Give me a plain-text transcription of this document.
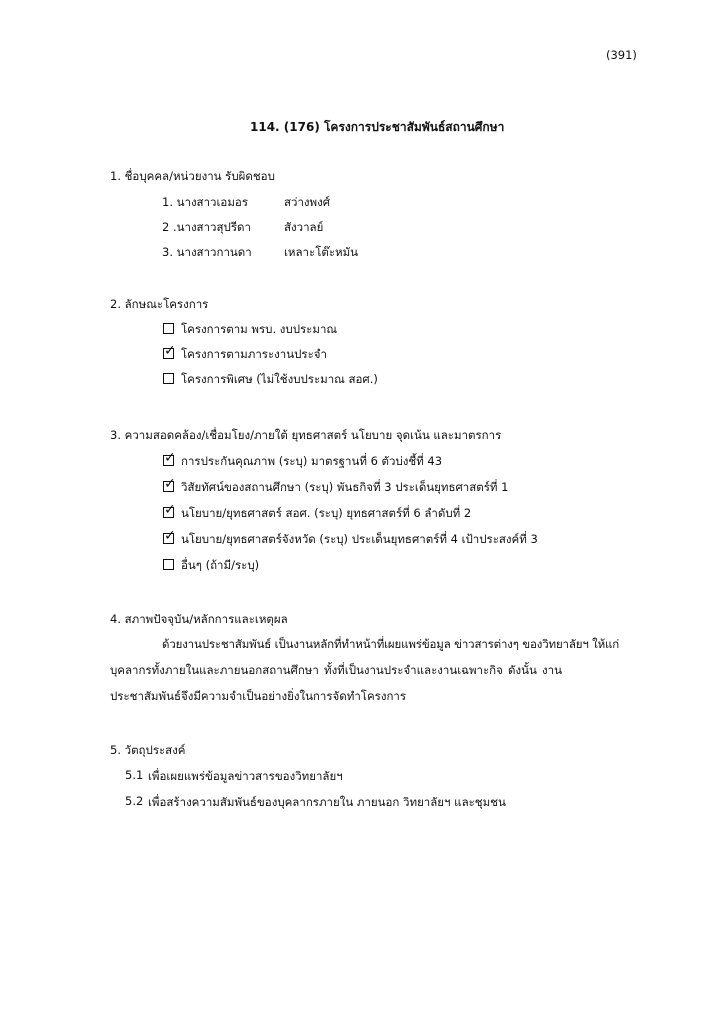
(391)
114. (176) โครงการประชาสัมพันธ์สถานศึกษา
1. ชื่อบุคคล/หน่วยงาน รับผิดชอบ
1. นางสาวเอมอร	สว่างพงศ์
2 .นางสาวสุปรีดา	สังวาลย์
3. นางสาวกานดา	เหลาะโต๊ะหมัน
2. ลักษณะโครงการ
โครงการตาม พรบ. งบประมาณ
✓ โครงการตามภาระงานประจำ
โครงการพิเศษ (ไม่ใช้งบประมาณ สอศ.)
3. ความสอดคล้อง/เชื่อมโยง/ภายใต้ ยุทธศาสตร์ นโยบาย จุดเน้น และมาตรการ
✓ การประกันคุณภาพ (ระบุ) มาตรฐานที่ 6 ตัวบ่งชี้ที่ 43
✓ วิสัยทัศน์ของสถานศึกษา (ระบุ) พันธกิจที่ 3 ประเด็นยุทธศาสตร์ที่ 1
✓ นโยบาย/ยุทธศาสตร์ สอศ. (ระบุ) ยุทธศาสตร์ที่ 6 ลำดับที่ 2
✓ นโยบาย/ยุทธศาสตร์จังหวัด (ระบุ) ประเด็นยุทธศาตร์ที่ 4 เป้าประสงค์ที่ 3
อื่นๆ (ถ้ามี/ระบุ)
4. สภาพปัจจุบัน/หลักการและเหตุผล
ด้วยงานประชาสัมพันธ์ เป็นงานหลักที่ทำหน้าที่เผยแพร่ข้อมูล ข่าวสารต่างๆ ของวิทยาลัยฯ ให้แก่
บุคลากรทั้งภายในและภายนอกสถานศึกษา ทั้งที่เป็นงานประจำและงานเฉพาะกิจ ดังนั้น งาน
ประชาสัมพันธ์จึงมีความจำเป็นอย่างยิ่งในการจัดทำโครงการ
5. วัตถุประสงค์
5.1 เพื่อเผยแพร่ข้อมูลข่าวสารของวิทยาลัยฯ
5.2 เพื่อสร้างความสัมพันธ์ของบุคลากรภายใน ภายนอก วิทยาลัยฯ และชุมชน
